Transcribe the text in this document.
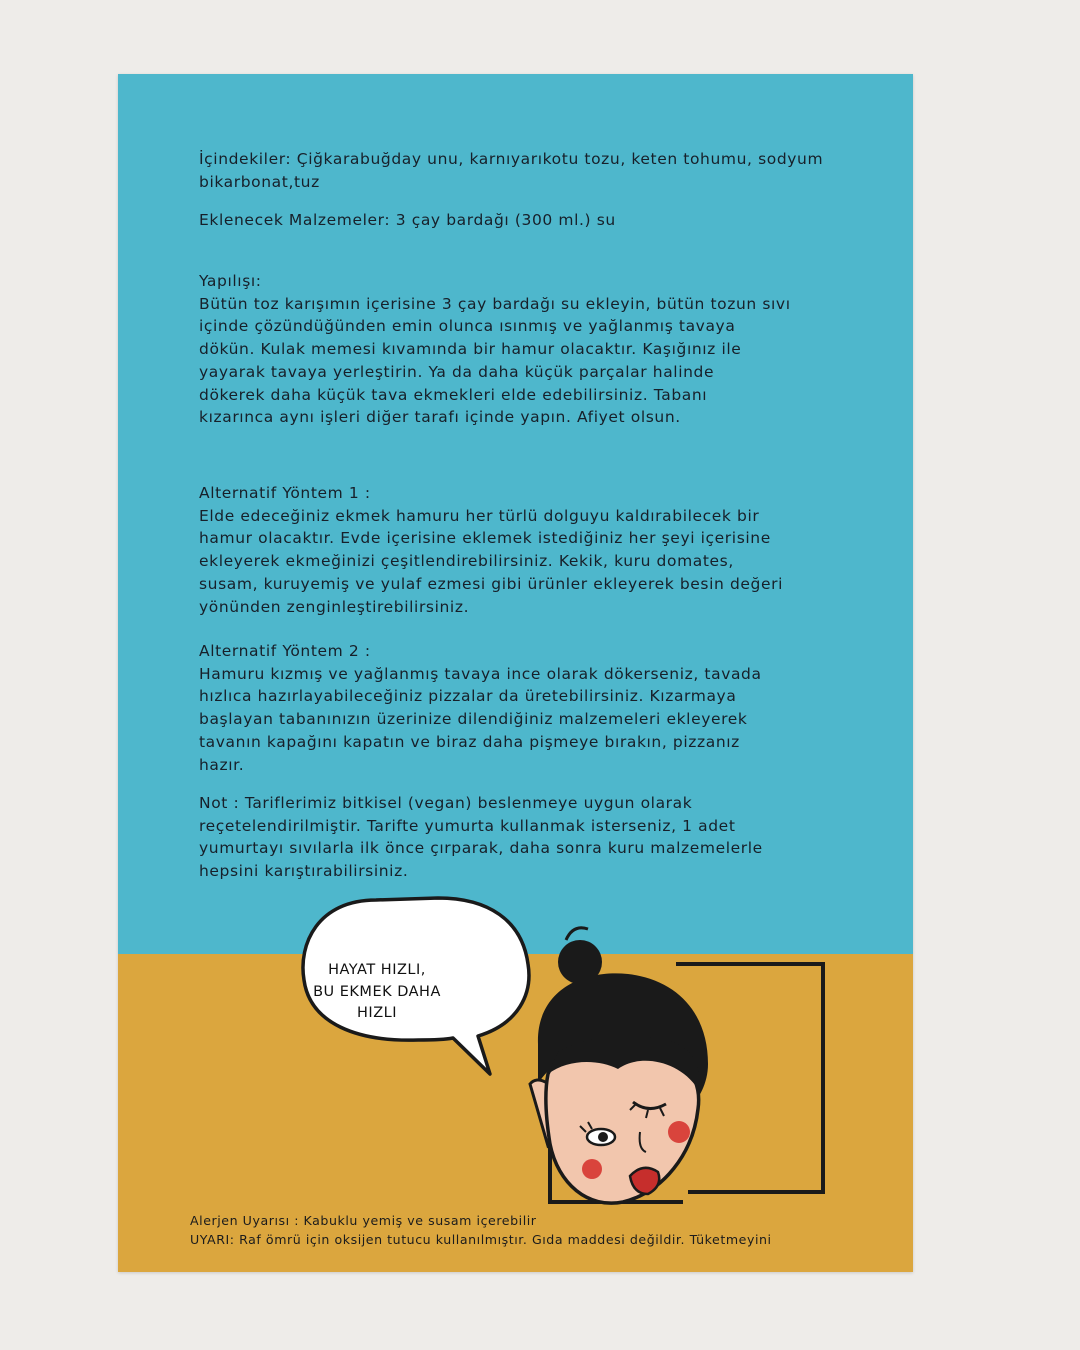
İçindekiler: Çiğkarabuğday unu, karnıyarıkotu tozu, keten tohumu, sodyum bikarbonat,tuz

Eklenecek Malzemeler: 3 çay bardağı (300 ml.) su

Yapılışı:

Bütün toz karışımın içerisine 3 çay bardağı su ekleyin, bütün tozun sıvı

içinde çözündüğünden emin olunca ısınmış ve yağlanmış tavaya

dökün. Kulak memesi kıvamında bir hamur olacaktır. Kaşığınız ile

yayarak tavaya yerleştirin. Ya da daha küçük parçalar halinde

dökerek daha küçük tava ekmekleri elde edebilirsiniz. Tabanı

kızarınca aynı işleri diğer tarafı içinde yapın. Afiyet olsun.

Alternatif Yöntem 1 :

Elde edeceğiniz ekmek hamuru her türlü dolguyu kaldırabilecek bir

hamur olacaktır. Evde içerisine eklemek istediğiniz her şeyi içerisine

ekleyerek ekmeğinizi çeşitlendirebilirsiniz. Kekik, kuru domates,

susam, kuruyemiş ve yulaf ezmesi gibi ürünler ekleyerek besin değeri

yönünden zenginleştirebilirsiniz.

Alternatif Yöntem 2 :

Hamuru kızmış ve yağlanmış tavaya ince olarak dökerseniz, tavada

hızlıca hazırlayabileceğiniz pizzalar da üretebilirsiniz. Kızarmaya

başlayan tabanınızın üzerinize dilendiğiniz malzemeleri ekleyerek

tavanın kapağını kapatın ve biraz daha pişmeye bırakın, pizzanız

hazır.

Not : Tariflerimiz bitkisel (vegan) beslenmeye uygun olarak

reçetelendirilmiştir. Tarifte yumurta kullanmak isterseniz, 1 adet

yumurtayı sıvılarla ilk önce çırparak, daha sonra kuru malzemelerle

hepsini karıştırabilirsiniz.

HAYAT HIZLI,
BU EKMEK DAHA HIZLI
Alerjen Uyarısı : Kabuklu yemiş ve susam içerebilir
UYARI: Raf ömrü için oksijen tutucu kullanılmıştır. Gıda maddesi değildir. Tüketmeyini
